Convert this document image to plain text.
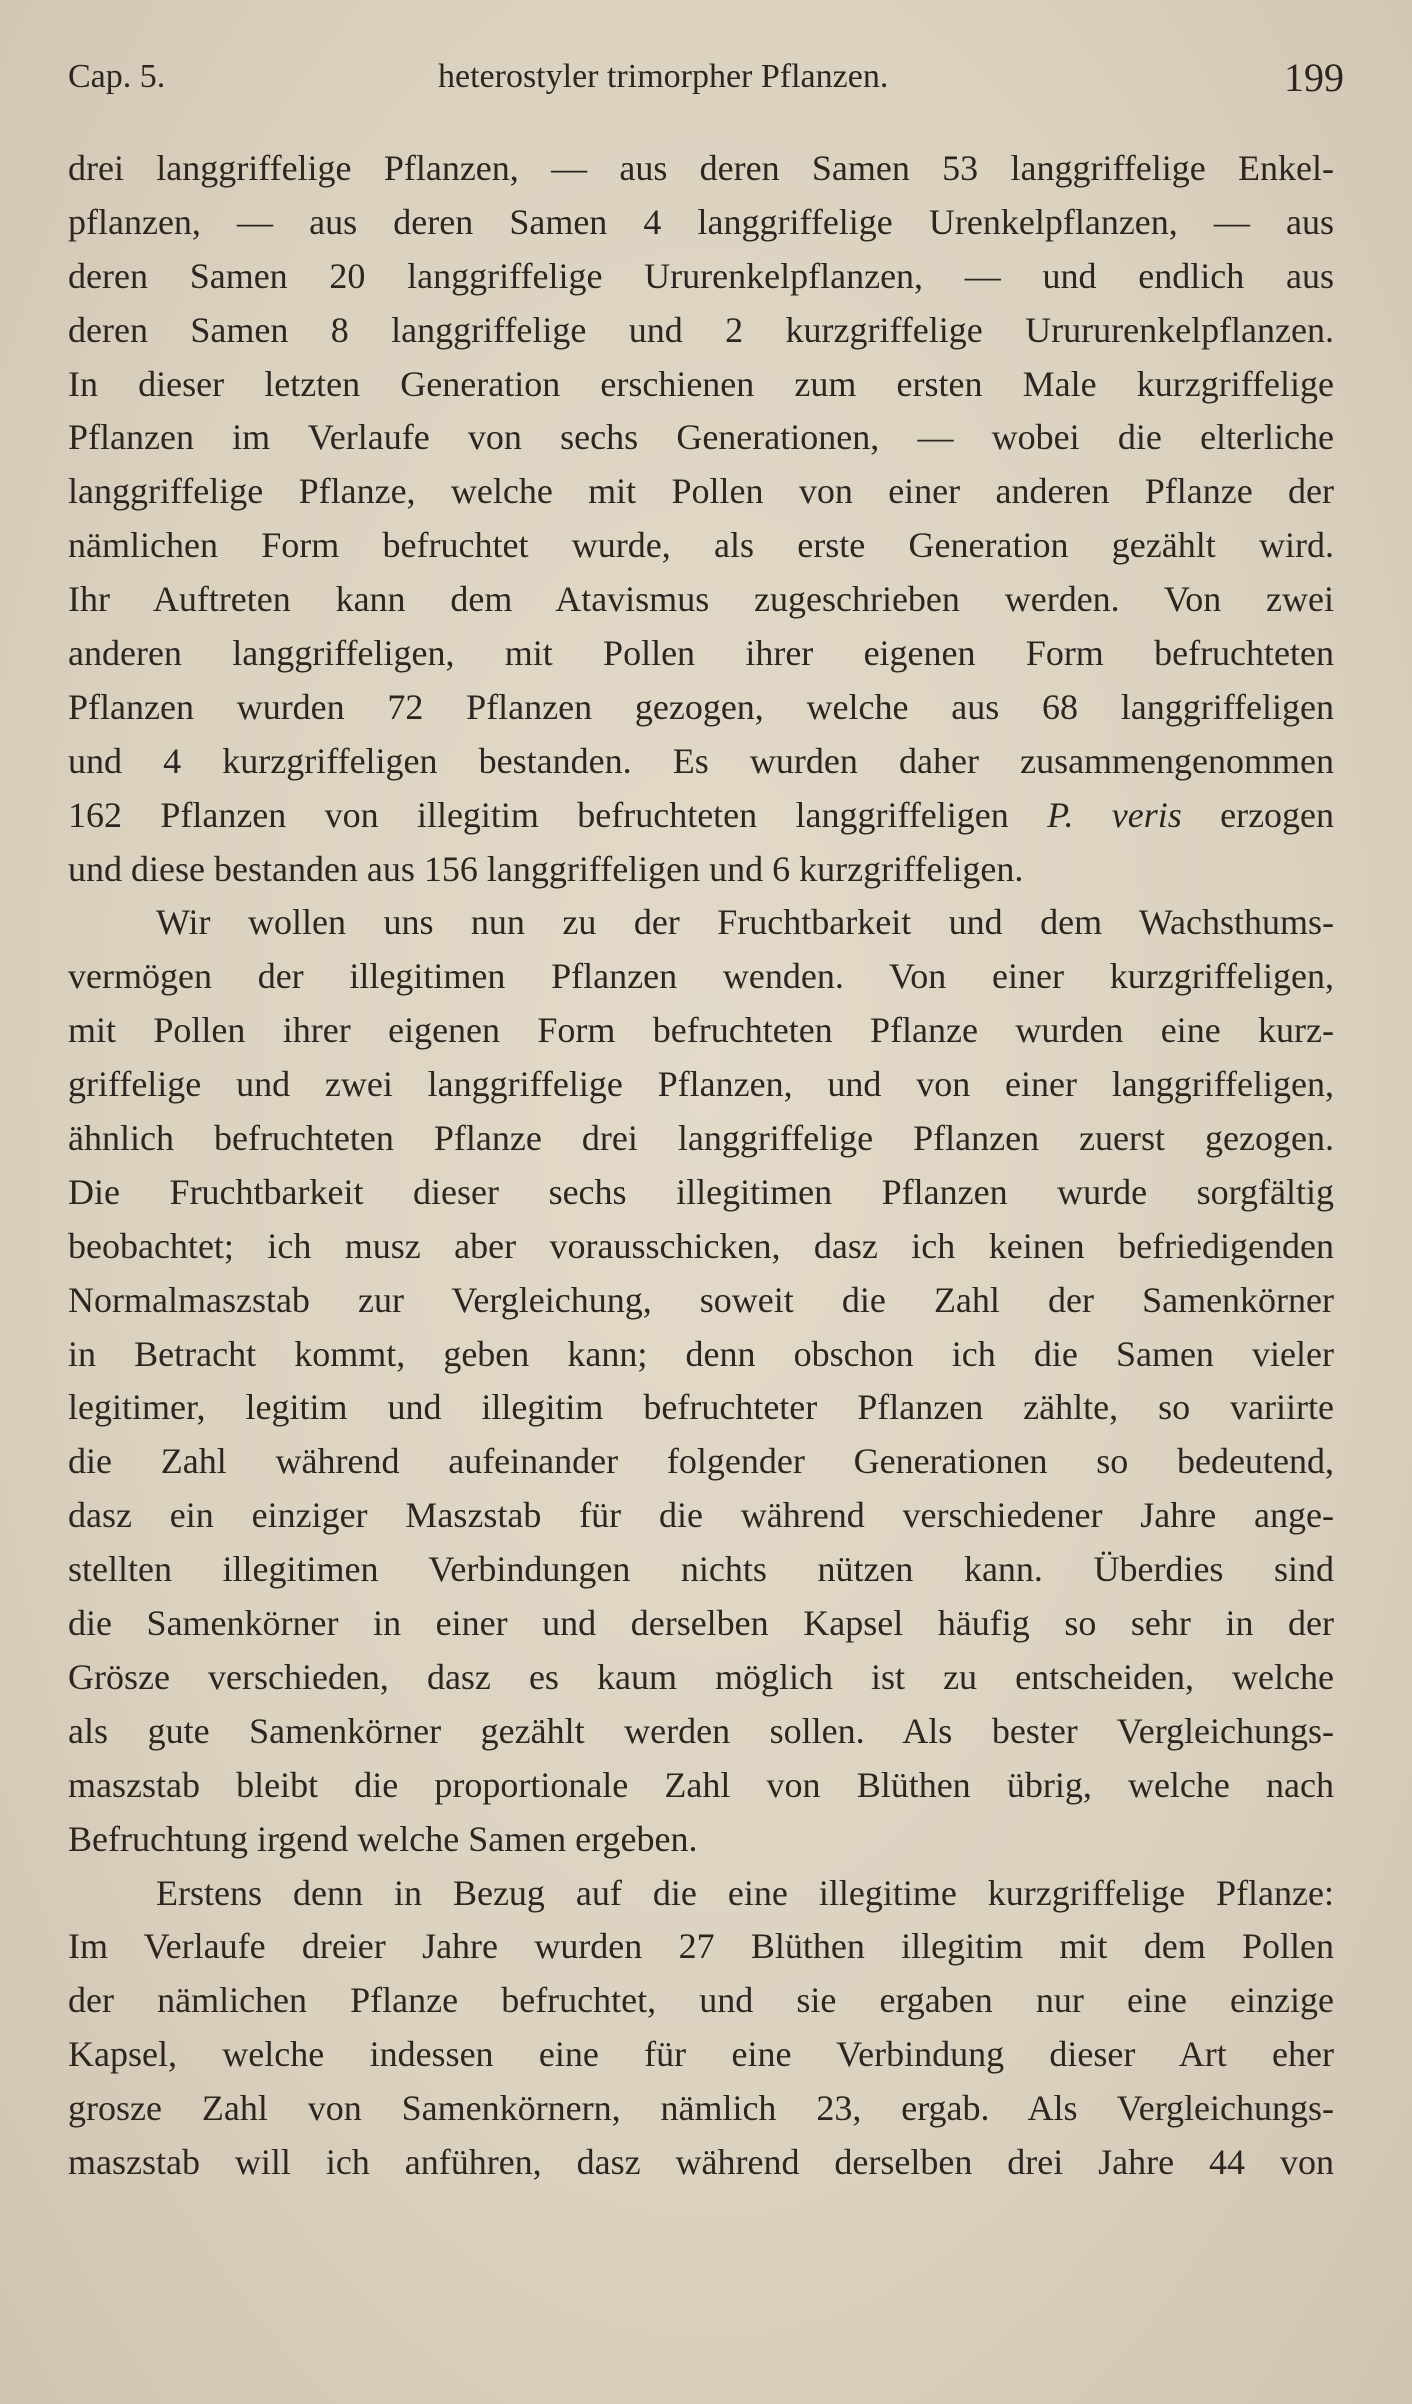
Cap. 5.	heterostyler trimorpher Pflanzen.	199
drei langgriffelige Pflanzen, — aus deren Samen 53 langgriffelige Enkel-
pflanzen, — aus deren Samen 4 langgriffelige Urenkelpflanzen, — aus
deren Samen 20 langgriffelige Ururenkelpflanzen, — und endlich aus
deren Samen 8 langgriffelige und 2 kurzgriffelige Urururenkelpflanzen.
In dieser letzten Generation erschienen zum ersten Male kurzgriffelige
Pflanzen im Verlaufe von sechs Generationen, — wobei die elterliche
langgriffelige Pflanze, welche mit Pollen von einer anderen Pflanze der
nämlichen Form befruchtet wurde, als erste Generation gezählt wird.
Ihr Auftreten kann dem Atavismus zugeschrieben werden. Von zwei
anderen langgriffeligen, mit Pollen ihrer eigenen Form befruchteten
Pflanzen wurden 72 Pflanzen gezogen, welche aus 68 langgriffeligen
und 4 kurzgriffeligen bestanden. Es wurden daher zusammengenommen
162 Pflanzen von illegitim befruchteten langgriffeligen P. veris erzogen
und diese bestanden aus 156 langgriffeligen und 6 kurzgriffeligen.
Wir wollen uns nun zu der Fruchtbarkeit und dem Wachsthums-
vermögen der illegitimen Pflanzen wenden. Von einer kurzgriffeligen,
mit Pollen ihrer eigenen Form befruchteten Pflanze wurden eine kurz-
griffelige und zwei langgriffelige Pflanzen, und von einer langgriffeligen,
ähnlich befruchteten Pflanze drei langgriffelige Pflanzen zuerst gezogen.
Die Fruchtbarkeit dieser sechs illegitimen Pflanzen wurde sorgfältig
beobachtet; ich musz aber vorausschicken, dasz ich keinen befriedigenden
Normalmaszstab zur Vergleichung, soweit die Zahl der Samenkörner
in Betracht kommt, geben kann; denn obschon ich die Samen vieler
legitimer, legitim und illegitim befruchteter Pflanzen zählte, so variirte
die Zahl während aufeinander folgender Generationen so bedeutend,
dasz ein einziger Maszstab für die während verschiedener Jahre ange-
stellten illegitimen Verbindungen nichts nützen kann. Überdies sind
die Samenkörner in einer und derselben Kapsel häufig so sehr in der
Grösze verschieden, dasz es kaum möglich ist zu entscheiden, welche
als gute Samenkörner gezählt werden sollen. Als bester Vergleichungs-
maszstab bleibt die proportionale Zahl von Blüthen übrig, welche nach
Befruchtung irgend welche Samen ergeben.
Erstens denn in Bezug auf die eine illegitime kurzgriffelige Pflanze:
Im Verlaufe dreier Jahre wurden 27 Blüthen illegitim mit dem Pollen
der nämlichen Pflanze befruchtet, und sie ergaben nur eine einzige
Kapsel, welche indessen eine für eine Verbindung dieser Art eher
grosze Zahl von Samenkörnern, nämlich 23, ergab. Als Vergleichungs-
maszstab will ich anführen, dasz während derselben drei Jahre 44 von
